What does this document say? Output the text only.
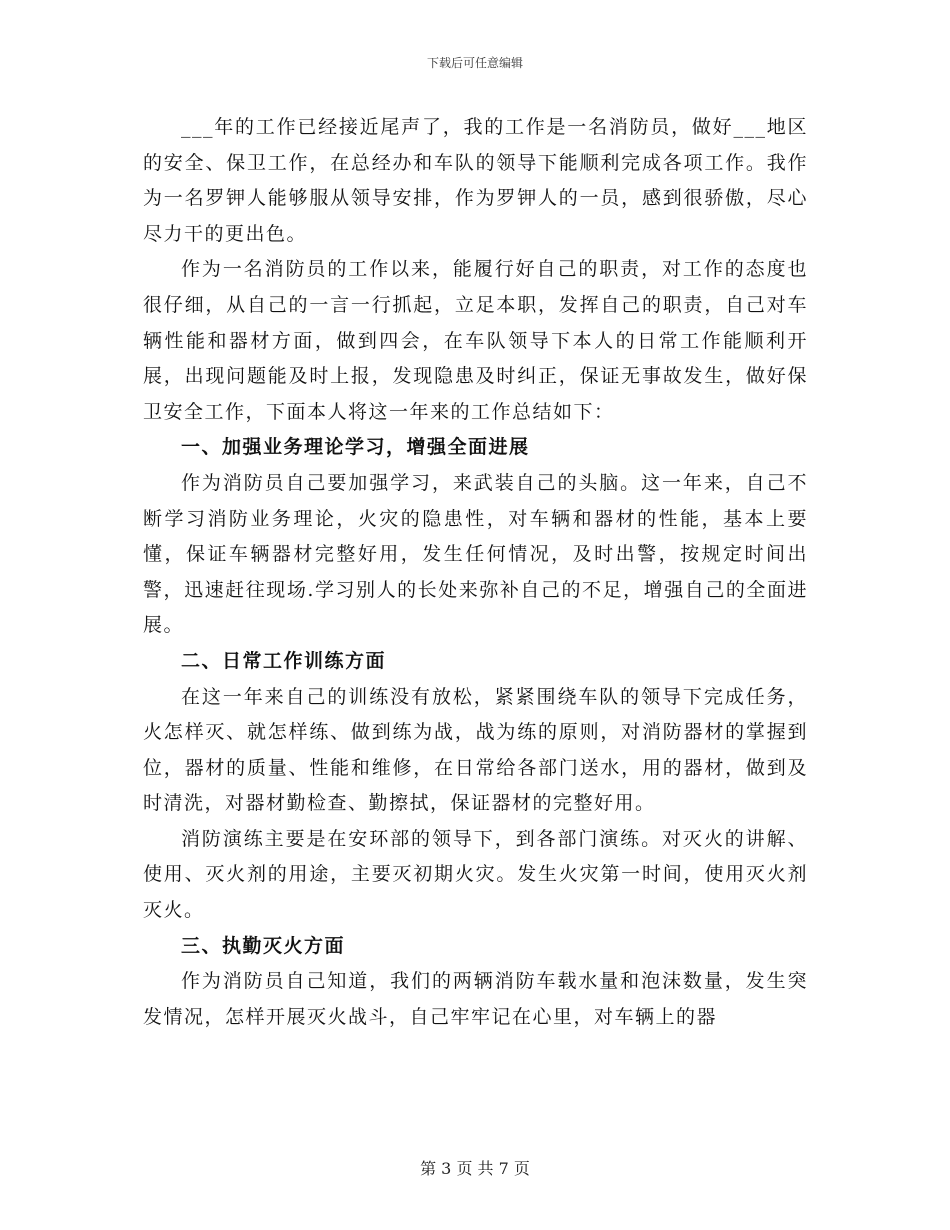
下载后可任意编辑

___年的工作已经接近尾声了，我的工作是一名消防员，做好___地区的安全、保卫工作，在总经办和车队的领导下能顺利完成各项工作。我作为一名罗钾人能够服从领导安排，作为罗钾人的一员，感到很骄傲，尽心尽力干的更出色。

作为一名消防员的工作以来，能履行好自己的职责，对工作的态度也很仔细，从自己的一言一行抓起，立足本职，发挥自己的职责，自己对车辆性能和器材方面，做到四会，在车队领导下本人的日常工作能顺利开展，出现问题能及时上报，发现隐患及时纠正，保证无事故发生，做好保卫安全工作，下面本人将这一年来的工作总结如下：

一、加强业务理论学习，增强全面进展

作为消防员自己要加强学习，来武装自己的头脑。这一年来，自己不断学习消防业务理论，火灾的隐患性，对车辆和器材的性能，基本上要懂，保证车辆器材完整好用，发生任何情况，及时出警，按规定时间出警，迅速赶往现场.学习别人的长处来弥补自己的不足，增强自己的全面进展。

二、日常工作训练方面

在这一年来自己的训练没有放松，紧紧围绕车队的领导下完成任务，火怎样灭、就怎样练、做到练为战，战为练的原则，对消防器材的掌握到位，器材的质量、性能和维修，在日常给各部门送水，用的器材，做到及时清洗，对器材勤检查、勤擦拭，保证器材的完整好用。

消防演练主要是在安环部的领导下，到各部门演练。对灭火的讲解、使用、灭火剂的用途，主要灭初期火灾。发生火灾第一时间，使用灭火剂灭火。

三、执勤灭火方面

作为消防员自己知道，我们的两辆消防车载水量和泡沫数量，发生突发情况，怎样开展灭火战斗，自己牢牢记在心里，对车辆上的器

第 3 页 共 7 页
